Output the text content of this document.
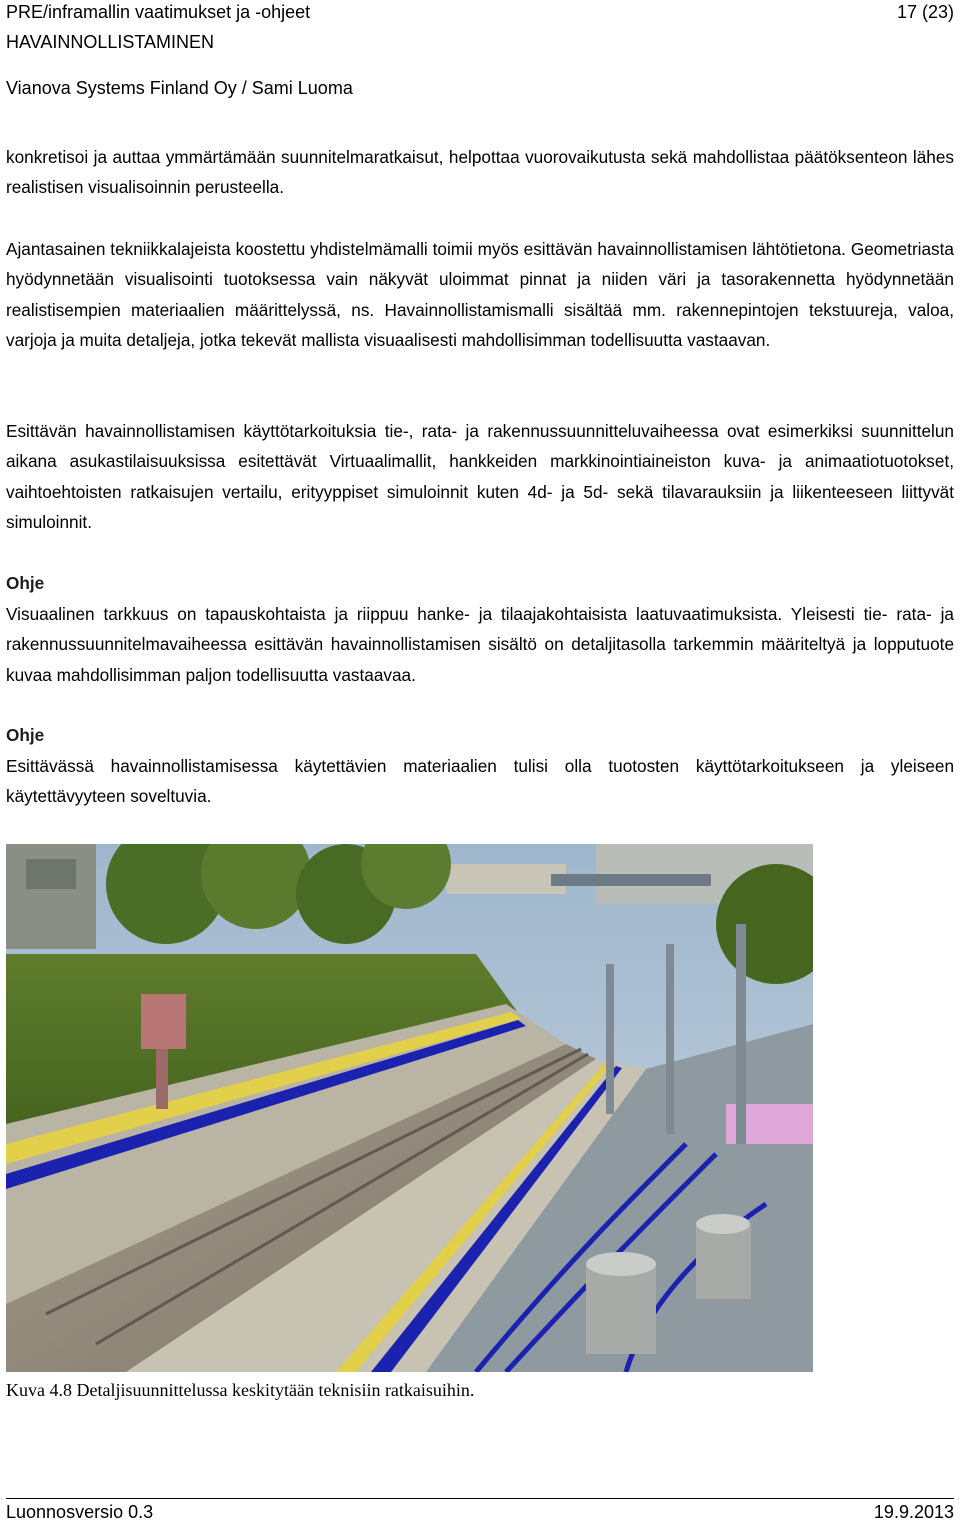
PRE/inframallin vaatimukset ja -ohjeet	17 (23)
HAVAINNOLLISTAMINEN
Vianova Systems Finland Oy / Sami Luoma

konkretisoi ja auttaa ymmärtämään suunnitelmaratkaisut, helpottaa vuorovaikutusta sekä mahdollistaa päätöksenteon lähes realistisen visualisoinnin perusteella.

Ajantasainen tekniikkalajeista koostettu yhdistelmämalli toimii myös esittävän havainnollistamisen lähtötietona. Geometriasta hyödynnetään visualisointi tuotoksessa vain näkyvät uloimmat pinnat ja niiden väri ja tasorakennetta hyödynnetään realistisempien materiaalien määrittelyssä, ns. Havainnollistamismalli sisältää mm. rakennepintojen tekstuureja, valoa, varjoja ja muita detaljeja, jotka tekevät mallista visuaalisesti mahdollisimman todellisuutta vastaavan.

Esittävän havainnollistamisen käyttötarkoituksia tie-, rata- ja rakennussuunnitteluvaiheessa ovat esimerkiksi suunnittelun aikana asukastilaisuuksissa esitettävät Virtuaalimallit, hankkeiden markkinointiaineiston kuva- ja animaatiotuotokset, vaihtoehtoisten ratkaisujen vertailu, erityyppiset simuloinnit kuten 4d- ja 5d- sekä tilavarauksiin ja liikenteeseen liittyvät simuloinnit.

Ohje

Visuaalinen tarkkuus on tapauskohtaista ja riippuu hanke- ja tilaajakohtaisista laatuvaatimuksista. Yleisesti tie- rata- ja rakennussuunnitelmavaiheessa esittävän havainnollistamisen sisältö on detaljitasolla tarkemmin määriteltyä ja lopputuote kuvaa mahdollisimman paljon todellisuutta vastaavaa.

Ohje

Esittävässä havainnollistamisessa käytettävien materiaalien tulisi olla tuotosten käyttötarkoitukseen ja yleiseen käytettävyyteen soveltuvia.

Kuva 4.8 Detaljisuunnittelussa keskitytään teknisiin ratkaisuihin.
Luonnosversio 0.3	19.9.2013
